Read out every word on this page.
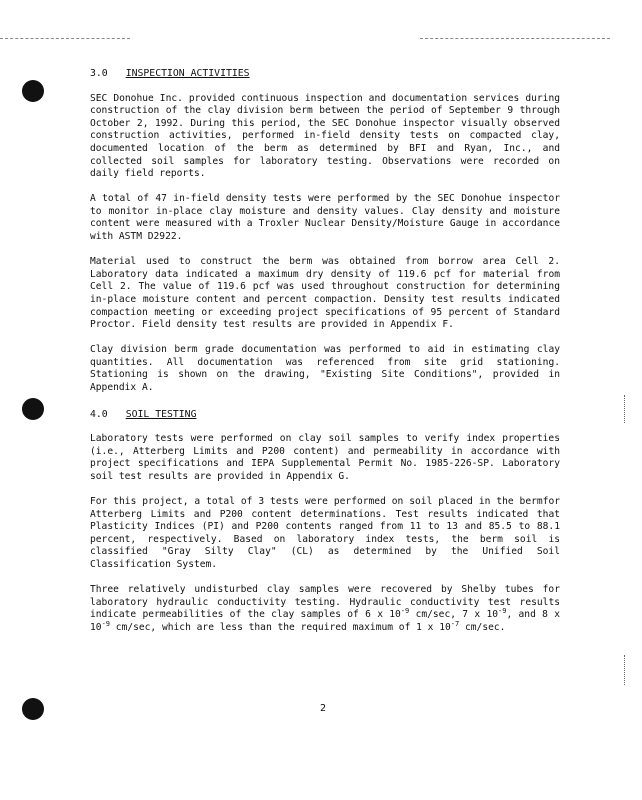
3.0 INSPECTION ACTIVITIES

SEC Donohue Inc. provided continuous inspection and documentation services during construction of the clay division berm between the period of September 9 through October 2, 1992. During this period, the SEC Donohue inspector visually observed construction activities, performed in-field density tests on compacted clay, documented location of the berm as determined by BFI and Ryan, Inc., and collected soil samples for laboratory testing. Observations were recorded on daily field reports.

A total of 47 in-field density tests were performed by the SEC Donohue inspector to monitor in-place clay moisture and density values. Clay density and moisture content were measured with a Troxler Nuclear Density/Moisture Gauge in accordance with ASTM D2922.

Material used to construct the berm was obtained from borrow area Cell 2. Laboratory data indicated a maximum dry density of 119.6 pcf for material from Cell 2. The value of 119.6 pcf was used throughout construction for determining in-place moisture content and percent compaction. Density test results indicated compaction meeting or exceeding project specifications of 95 percent of Standard Proctor. Field density test results are provided in Appendix F.

Clay division berm grade documentation was performed to aid in estimating clay quantities. All documentation was referenced from site grid stationing. Stationing is shown on the drawing, "Existing Site Conditions", provided in Appendix A.

4.0 SOIL TESTING

Laboratory tests were performed on clay soil samples to verify index properties (i.e., Atterberg Limits and P200 content) and permeability in accordance with project specifications and IEPA Supplemental Permit No. 1985-226-SP. Laboratory soil test results are provided in Appendix G.

For this project, a total of 3 tests were performed on soil placed in the bermfor Atterberg Limits and P200 content determinations. Test results indicated that Plasticity Indices (PI) and P200 contents ranged from 11 to 13 and 85.5 to 88.1 percent, respectively. Based on laboratory index tests, the berm soil is classified "Gray Silty Clay" (CL) as determined by the Unified Soil Classification System.

Three relatively undisturbed clay samples were recovered by Shelby tubes for laboratory hydraulic conductivity testing. Hydraulic conductivity test results indicate permeabilities of the clay samples of 6 x $10^{-9}$ cm/sec, 7 x $10^{-9}$, and 8 x $10^{-9}$ cm/sec, which are less than the required maximum of 1 x $10^{-7}$ cm/sec.

2
